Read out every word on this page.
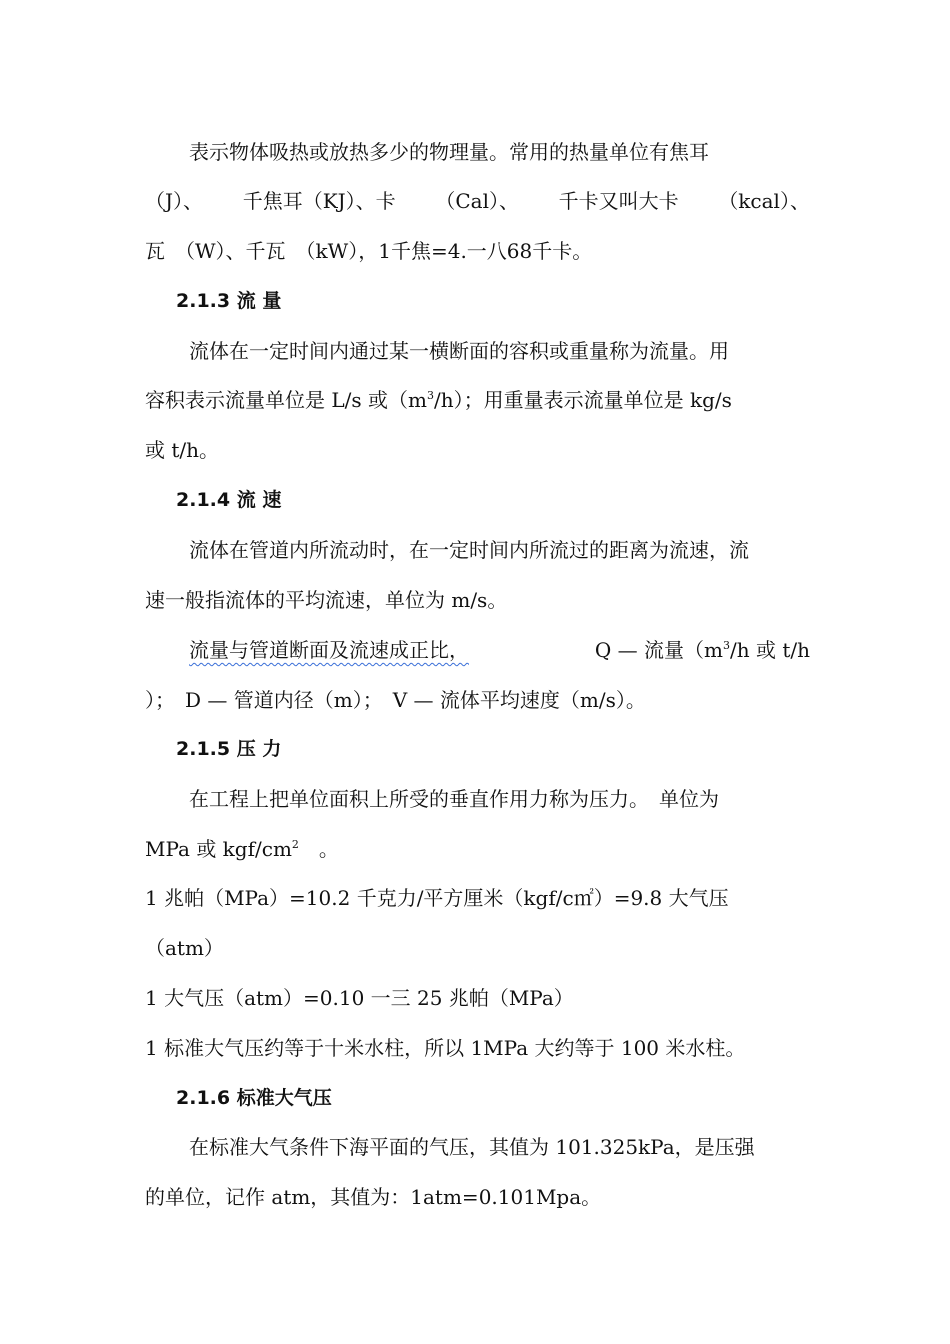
表示物体吸热或放热多少的物理量。常用的热量单位有焦耳
（J）、 千焦耳（KJ）、卡 （Cal）、 千卡又叫大卡 （kcal）、
瓦　（W）、千瓦　（kW），1千焦=4.一八68千卡。
2.1.3 流 量
流体在一定时间内通过某一横断面的容积或重量称为流量。用
容积表示流量单位是 L/s 或$(m^3/h)$；用重量表示流量单位是 kg/s
或 t/h。
2.1.4 流 速
流体在管道内所流动时，在一定时间内所流过的距离为流速，流
速一般指流体的平均流速，单位为 m/s。
流量与管道断面及流速成正比，	Q — 流量（$m^3/h$ 或 t/h
）；　D — 管道内径（m）；　V — 流体平均速度（m/s）。
2.1.5 压 力
在工程上把单位面积上所受的垂直作用力称为压力。　单位为
MPa 或 kgf/$cm^2$　。
1 兆帕（MPa）=10.2 千克力/平方厘米（kgf/c㎡）=9.8 大气压
（atm）
1 大气压（atm）=0.10 一三 25 兆帕（MPa）
1 标准大气压约等于十米水柱，所以 1MPa 大约等于 100 米水柱。
2.1.6 标准大气压
在标准大气条件下海平面的气压，其值为 101.325kPa，是压强
的单位，记作 atm，其值为：1atm=0.101Mpa。
